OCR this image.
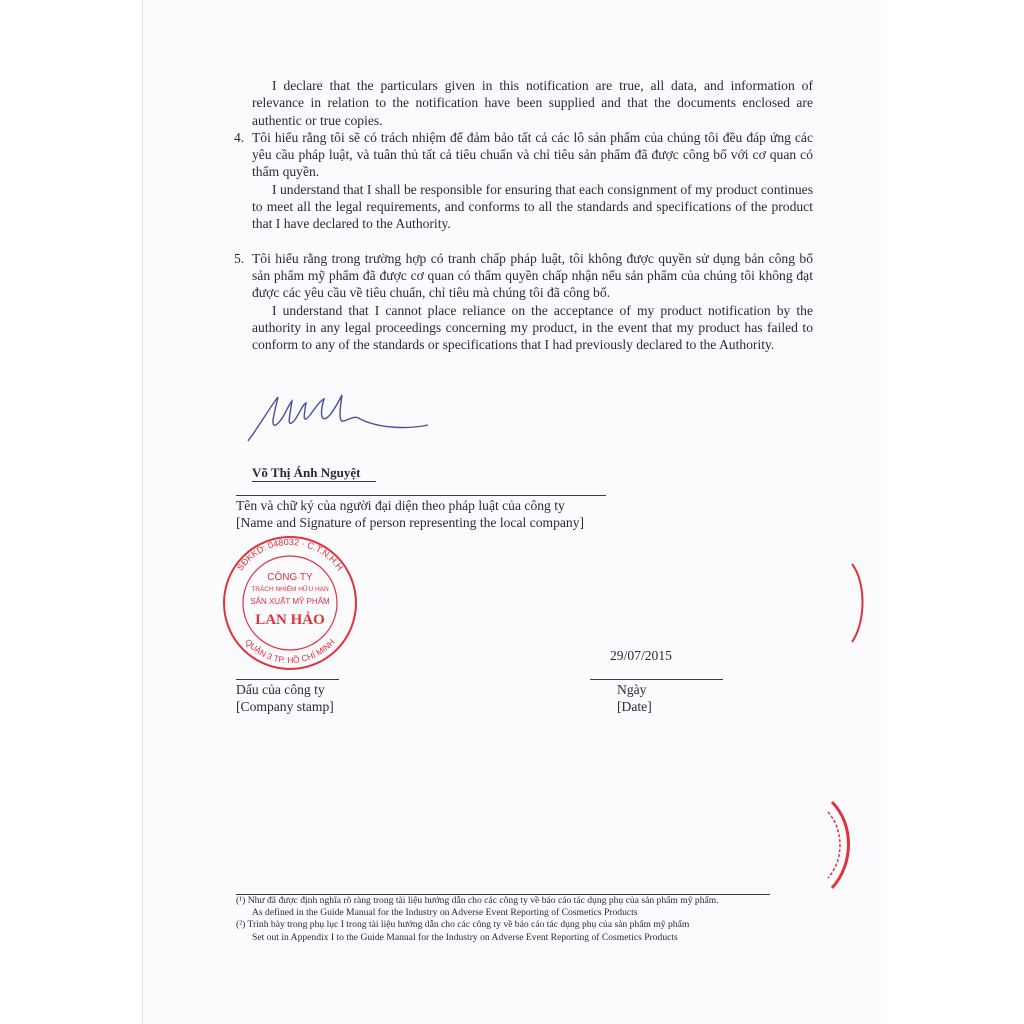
I declare that the particulars given in this notification are true, all data, and information of relevance in relation to the notification have been supplied and that the documents enclosed are authentic or true copies.

4. Tôi hiểu rằng tôi sẽ có trách nhiệm để đảm bảo tất cả các lô sản phẩm của chúng tôi đều đáp ứng các yêu cầu pháp luật, và tuân thủ tất cả tiêu chuẩn và chỉ tiêu sản phẩm đã được công bố với cơ quan có thẩm quyền.

I understand that I shall be responsible for ensuring that each consignment of my product continues to meet all the legal requirements, and conforms to all the standards and specifications of the product that I have declared to the Authority.

5. Tôi hiểu rằng trong trường hợp có tranh chấp pháp luật, tôi không được quyền sử dụng bản công bố sản phẩm mỹ phẩm đã được cơ quan có thẩm quyền chấp nhận nếu sản phẩm của chúng tôi không đạt được các yêu cầu về tiêu chuẩn, chỉ tiêu mà chúng tôi đã công bố.

I understand that I cannot place reliance on the acceptance of my product notification by the authority in any legal proceedings concerning my product, in the event that my product has failed to conform to any of the standards or specifications that I had previously declared to the Authority.

Võ Thị Ánh Nguyệt
Tên và chữ ký của người đại diện theo pháp luật của công ty
[Name and Signature of person representing the local company]
SĐKKD: 048032 · C.T.N.H.H
QUẬN 3 TP. HỒ CHÍ MINH
CÔNG TY
TRÁCH NHIỆM HỮU HẠN
SẢN XUẤT MỸ PHẨM
LAN HẢO
29/07/2015
Dấu của công ty
[Company stamp]
Ngày
[Date]
(¹) Như đã được định nghĩa rõ ràng trong tài liệu hướng dẫn cho các công ty về báo cáo tác dụng phụ của sản phẩm mỹ phẩm.
As defined in the Guide Manual for the Industry on Adverse Event Reporting of Cosmetics Products
(²) Trình bày trong phụ lục I trong tài liệu hướng dẫn cho các công ty về báo cáo tác dụng phụ của sản phẩm mỹ phẩm
Set out in Appendix I to the Guide Manual for the Industry on Adverse Event Reporting of Cosmetics Products
